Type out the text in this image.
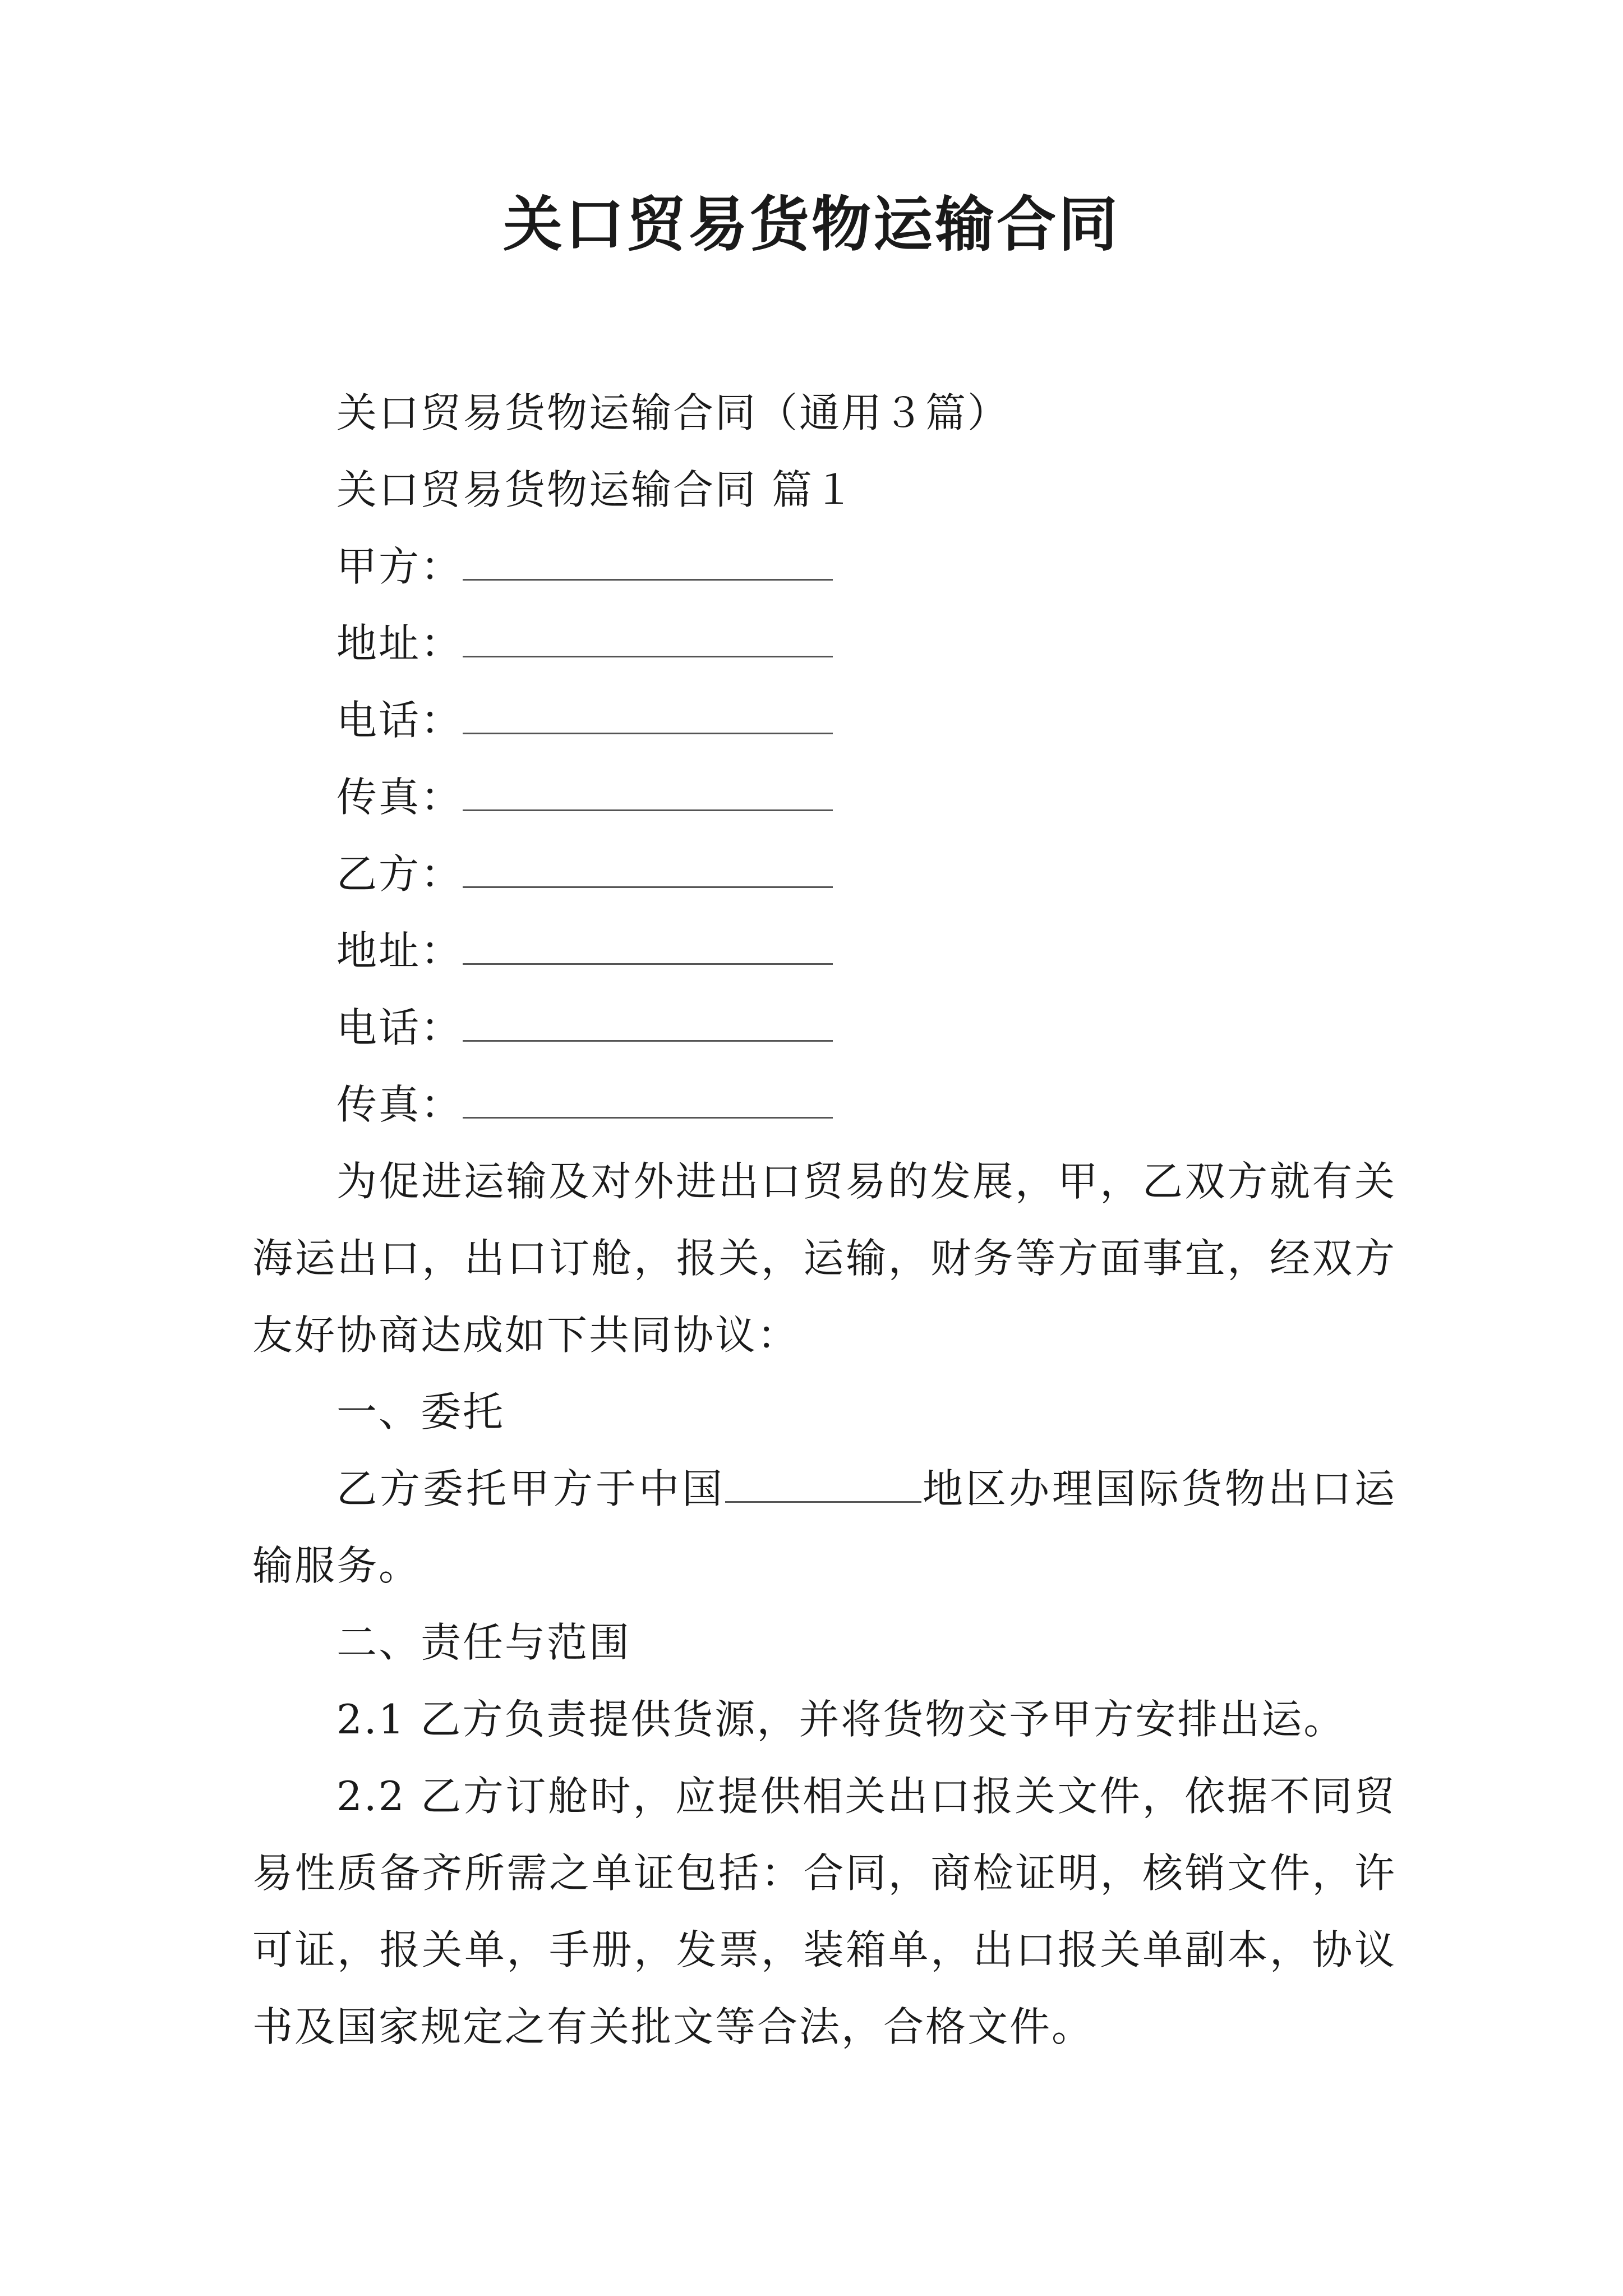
关口贸易货物运输合同

关口贸易货物运输合同（通用３篇）

关口贸易货物运输合同 篇１

甲方：

地址：

电话：

传真：

乙方：

地址：

电话：

传真：

为促进运输及对外进出口贸易的发展，甲，乙双方就有关海运出口，出口订舱，报关，运输，财务等方面事宜，经双方友好协商达成如下共同协议：

一、委托

乙方委托甲方于中国	地区办理国际货物出口运输服务。

二、责任与范围

2.1 乙方负责提供货源，并将货物交予甲方安排出运。

2.2 乙方订舱时，应提供相关出口报关文件，依据不同贸易性质备齐所需之单证包括：合同，商检证明，核销文件，许可证，报关单，手册，发票，装箱单，出口报关单副本，协议书及国家规定之有关批文等合法，合格文件。
